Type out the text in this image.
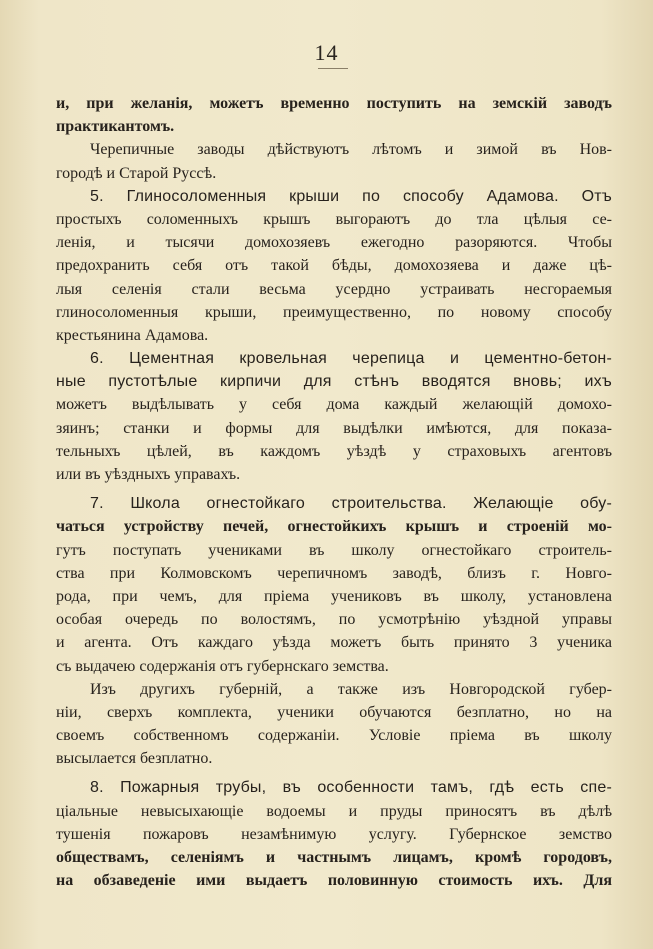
14
и, при желанія, можетъ временно поступить на земскій заводъ
практикантомъ.
Черепичные заводы дѣйствуютъ лѣтомъ и зимой въ Нов-
городѣ и Старой Руссѣ.
5. Глиносоломенныя крыши по способу Адамова. Отъ
простыхъ соломенныхъ крышъ выгораютъ до тла цѣлыя се-
ленія, и тысячи домохозяевъ ежегодно разоряются. Чтобы
предохранить себя отъ такой бѣды, домохозяева и даже цѣ-
лыя селенія стали весьма усердно устраивать несгораемыя
глиносоломенныя крыши, преимущественно, по новому способу
крестьянина Адамова.
6. Цементная кровельная черепица и цементно-бетон-
ные пустотѣлые кирпичи для стѣнъ вводятся вновь; ихъ
можетъ выдѣлывать у себя дома каждый желающій домохо-
зяинъ; станки и формы для выдѣлки имѣются, для показа-
тельныхъ цѣлей, въ каждомъ уѣздѣ у страховыхъ агентовъ
или въ уѣздныхъ управахъ.
7. Школа огнестойкаго строительства. Желающіе обу-
чаться устройству печей, огнестойкихъ крышъ и строеній мо-
гутъ поступать учениками въ школу огнестойкаго строитель-
ства при Колмовскомъ черепичномъ заводѣ, близъ г. Новго-
рода, при чемъ, для пріема учениковъ въ школу, установлена
особая очередь по волостямъ, по усмотрѣнію уѣздной управы
и агента. Отъ каждаго уѣзда можетъ быть принято 3 ученика
съ выдачею содержанія отъ губернскаго земства.
Изъ другихъ губерній, а также изъ Новгородской губер-
ніи, сверхъ комплекта, ученики обучаются безплатно, но на
своемъ собственномъ содержаніи. Условіе пріема въ школу
высылается безплатно.
8. Пожарныя трубы, въ особенности тамъ, гдѣ есть спе-
ціальные невысыхающіе водоемы и пруды приносятъ въ дѣлѣ
тушенія пожаровъ незамѣнимую услугу. Губернское земство
обществамъ, селеніямъ и частнымъ лицамъ, кромѣ городовъ,
на обзаведеніе ими выдаетъ половинную стоимость ихъ. Для
